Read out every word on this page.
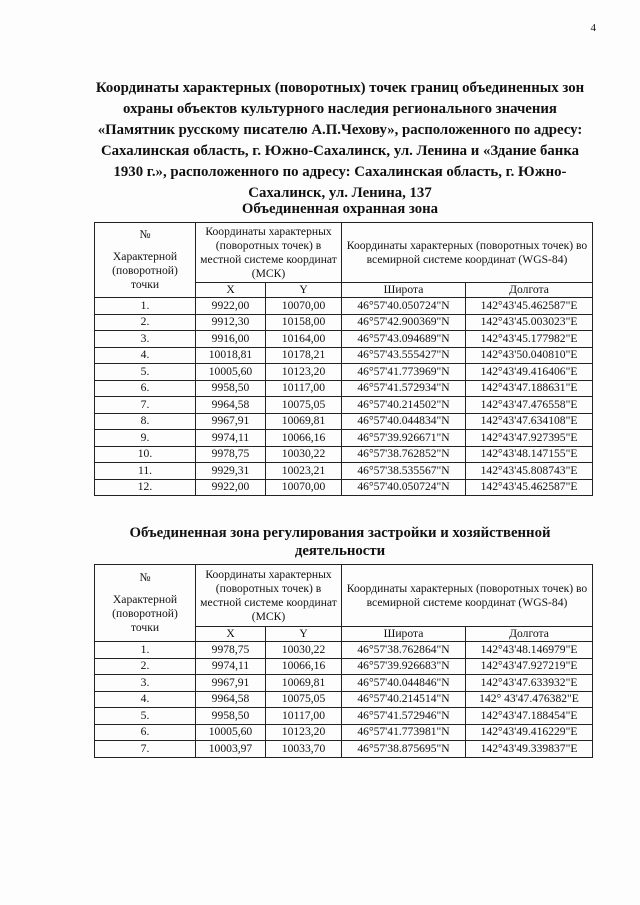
4
Координаты характерных (поворотных) точек границ объединенных зон охраны объектов культурного наследия регионального значения «Памятник русскому писателю А.П.Чехову», расположенного по адресу: Сахалинская область, г. Южно-Сахалинск, ул. Ленина и «Здание банка 1930 г.», расположенного по адресу: Сахалинская область, г. Южно-Сахалинск, ул. Ленина, 137
Объединенная охранная зона
№
Характерной (поворотной) точки	Координаты характерных (поворотных точек) в местной системе координат (МСК)		Координаты характерных (поворотных точек) во всемирной системе координат (WGS-84)	
	X	Y	Широта	Долгота
1.	9922,00	10070,00	46°57'40.050724"N	142°43'45.462587"E
2.	9912,30	10158,00	46°57'42.900369"N	142°43'45.003023"E
3.	9916,00	10164,00	46°57'43.094689"N	142°43'45.177982"E
4.	10018,81	10178,21	46°57'43.555427"N	142°43'50.040810"E
5.	10005,60	10123,20	46°57'41.773969"N	142°43'49.416406"E
6.	9958,50	10117,00	46°57'41.572934"N	142°43'47.188631"E
7.	9964,58	10075,05	46°57'40.214502"N	142°43'47.476558"E
8.	9967,91	10069,81	46°57'40.044834"N	142°43'47.634108"E
9.	9974,11	10066,16	46°57'39.926671"N	142°43'47.927395"E
10.	9978,75	10030,22	46°57'38.762852"N	142°43'48.147155"E
11.	9929,31	10023,21	46°57'38.535567"N	142°43'45.808743"E
12.	9922,00	10070,00	46°57'40.050724"N	142°43'45.462587"E
Объединенная зона регулирования застройки и хозяйственной деятельности
№
Характерной (поворотной) точки	Координаты характерных (поворотных точек) в местной системе координат (МСК)		Координаты характерных (поворотных точек) во всемирной системе координат (WGS-84)	
	X	Y	Широта	Долгота
1.	9978,75	10030,22	46°57'38.762864"N	142°43'48.146979"E
2.	9974,11	10066,16	46°57'39.926683"N	142°43'47.927219"E
3.	9967,91	10069,81	46°57'40.044846"N	142°43'47.633932"E
4.	9964,58	10075,05	46°57'40.214514"N	142° 43'47.476382"E
5.	9958,50	10117,00	46°57'41.572946"N	142°43'47.188454"E
6.	10005,60	10123,20	46°57'41.773981"N	142°43'49.416229"E
7.	10003,97	10033,70	46°57'38.875695"N	142°43'49.339837"E
